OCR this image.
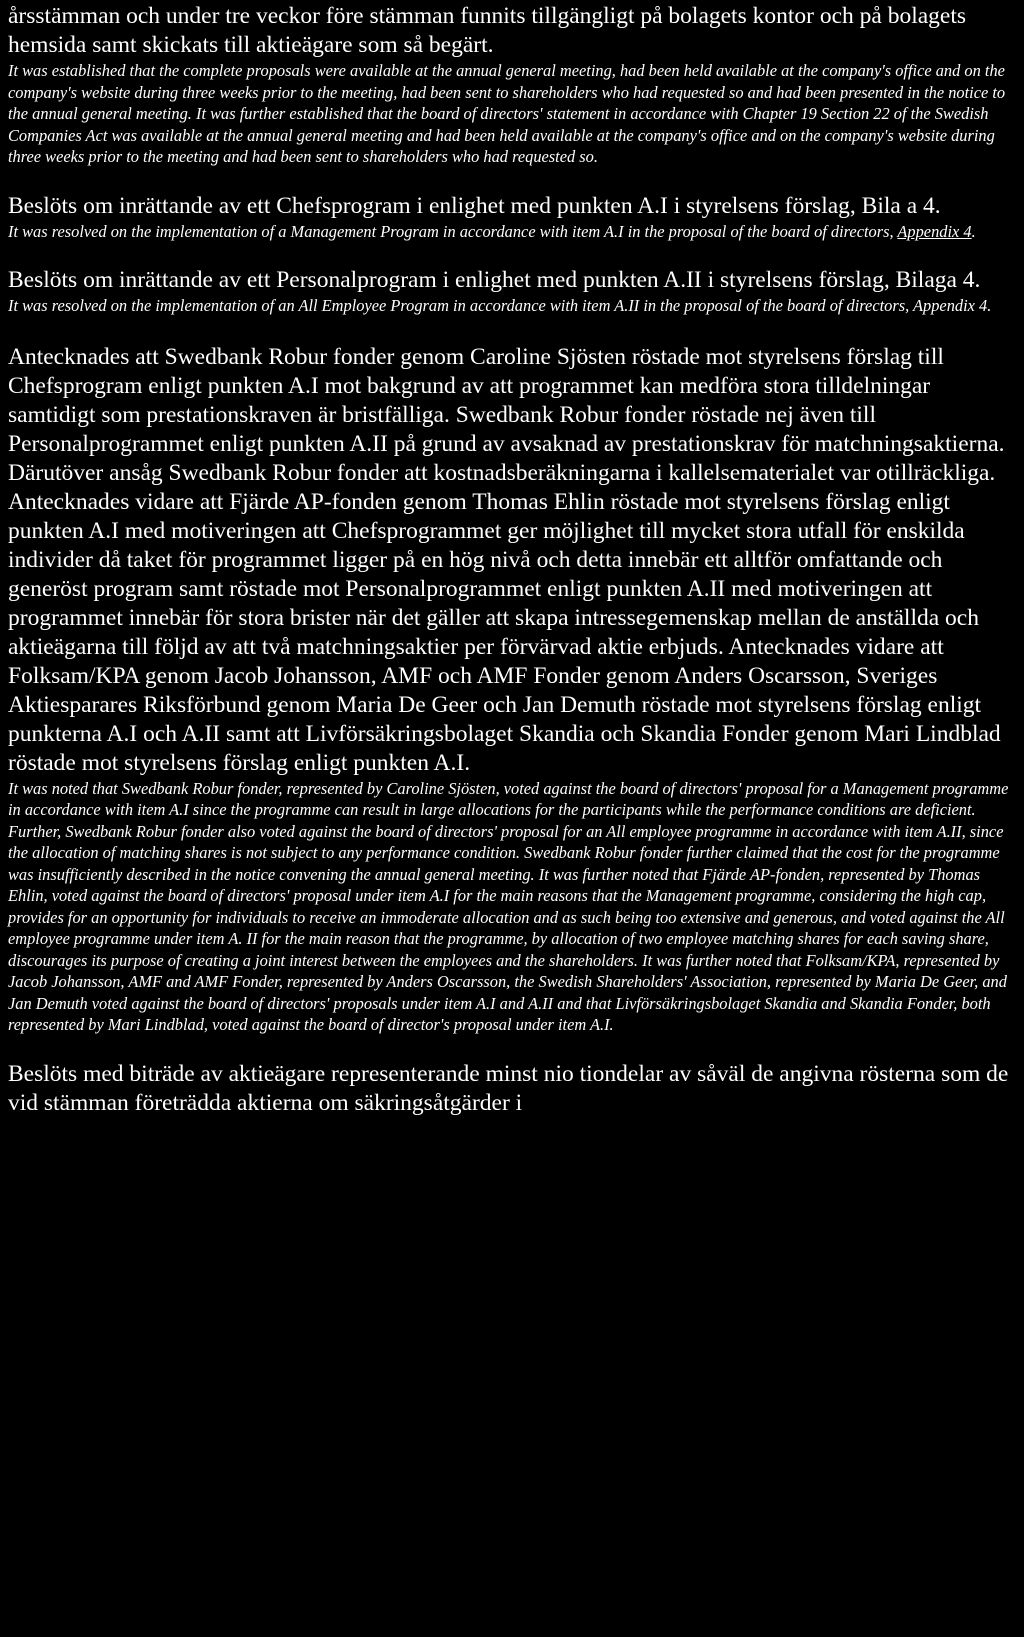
årsstämman och under tre veckor före stämman funnits tillgängligt på bolagets kontor och på bolagets hemsida samt skickats till aktieägare som så begärt.

It was established that the complete proposals were available at the annual general meeting, had been held available at the company's office and on the company's website during three weeks prior to the meeting, had been sent to shareholders who had requested so and had been presented in the notice to the annual general meeting. It was further established that the board of directors' statement in accordance with Chapter 19 Section 22 of the Swedish Companies Act was available at the annual general meeting and had been held available at the company's office and on the company's website during three weeks prior to the meeting and had been sent to shareholders who had requested so.

Beslöts om inrättande av ett Chefsprogram i enlighet med punkten A.I i styrelsens förslag, Bila a 4.

It was resolved on the implementation of a Management Program in accordance with item A.I in the proposal of the board of directors, Appendix 4.

Beslöts om inrättande av ett Personalprogram i enlighet med punkten A.II i styrelsens förslag, Bilaga 4.

It was resolved on the implementation of an All Employee Program in accordance with item A.II in the proposal of the board of directors, Appendix 4.

Antecknades att Swedbank Robur fonder genom Caroline Sjösten röstade mot styrelsens förslag till Chefsprogram enligt punkten A.I mot bakgrund av att programmet kan medföra stora tilldelningar samtidigt som prestationskraven är bristfälliga. Swedbank Robur fonder röstade nej även till Personalprogrammet enligt punkten A.II på grund av avsaknad av prestationskrav för matchningsaktierna. Därutöver ansåg Swedbank Robur fonder att kostnadsberäkningarna i kallelsematerialet var otillräckliga. Antecknades vidare att Fjärde AP-fonden genom Thomas Ehlin röstade mot styrelsens förslag enligt punkten A.I med motiveringen att Chefsprogrammet ger möjlighet till mycket stora utfall för enskilda individer då taket för programmet ligger på en hög nivå och detta innebär ett alltför omfattande och generöst program samt röstade mot Personalprogrammet enligt punkten A.II med motiveringen att programmet innebär för stora brister när det gäller att skapa intressegemenskap mellan de anställda och aktieägarna till följd av att två matchningsaktier per förvärvad aktie erbjuds. Antecknades vidare att Folksam/KPA genom Jacob Johansson, AMF och AMF Fonder genom Anders Oscarsson, Sveriges Aktiesparares Riksförbund genom Maria De Geer och Jan Demuth röstade mot styrelsens förslag enligt punkterna A.I och A.II samt att Livförsäkringsbolaget Skandia och Skandia Fonder genom Mari Lindblad röstade mot styrelsens förslag enligt punkten A.I.

It was noted that Swedbank Robur fonder, represented by Caroline Sjösten, voted against the board of directors' proposal for a Management programme in accordance with item A.I since the programme can result in large allocations for the participants while the performance conditions are deficient. Further, Swedbank Robur fonder also voted against the board of directors' proposal for an All employee programme in accordance with item A.II, since the allocation of matching shares is not subject to any performance condition. Swedbank Robur fonder further claimed that the cost for the programme was insufficiently described in the notice convening the annual general meeting. It was further noted that Fjärde AP-fonden, represented by Thomas Ehlin, voted against the board of directors' proposal under item A.I for the main reasons that the Management programme, considering the high cap, provides for an opportunity for individuals to receive an immoderate allocation and as such being too extensive and generous, and voted against the All employee programme under item A. II for the main reason that the programme, by allocation of two employee matching shares for each saving share, discourages its purpose of creating a joint interest between the employees and the shareholders. It was further noted that Folksam/KPA, represented by Jacob Johansson, AMF and AMF Fonder, represented by Anders Oscarsson, the Swedish Shareholders' Association, represented by Maria De Geer, and Jan Demuth voted against the board of directors' proposals under item A.I and A.II and that Livförsäkringsbolaget Skandia and Skandia Fonder, both represented by Mari Lindblad, voted against the board of director's proposal under item A.I.

Beslöts med biträde av aktieägare representerande minst nio tiondelar av såväl de angivna rösterna som de vid stämman företrädda aktierna om säkringsåtgärder i
